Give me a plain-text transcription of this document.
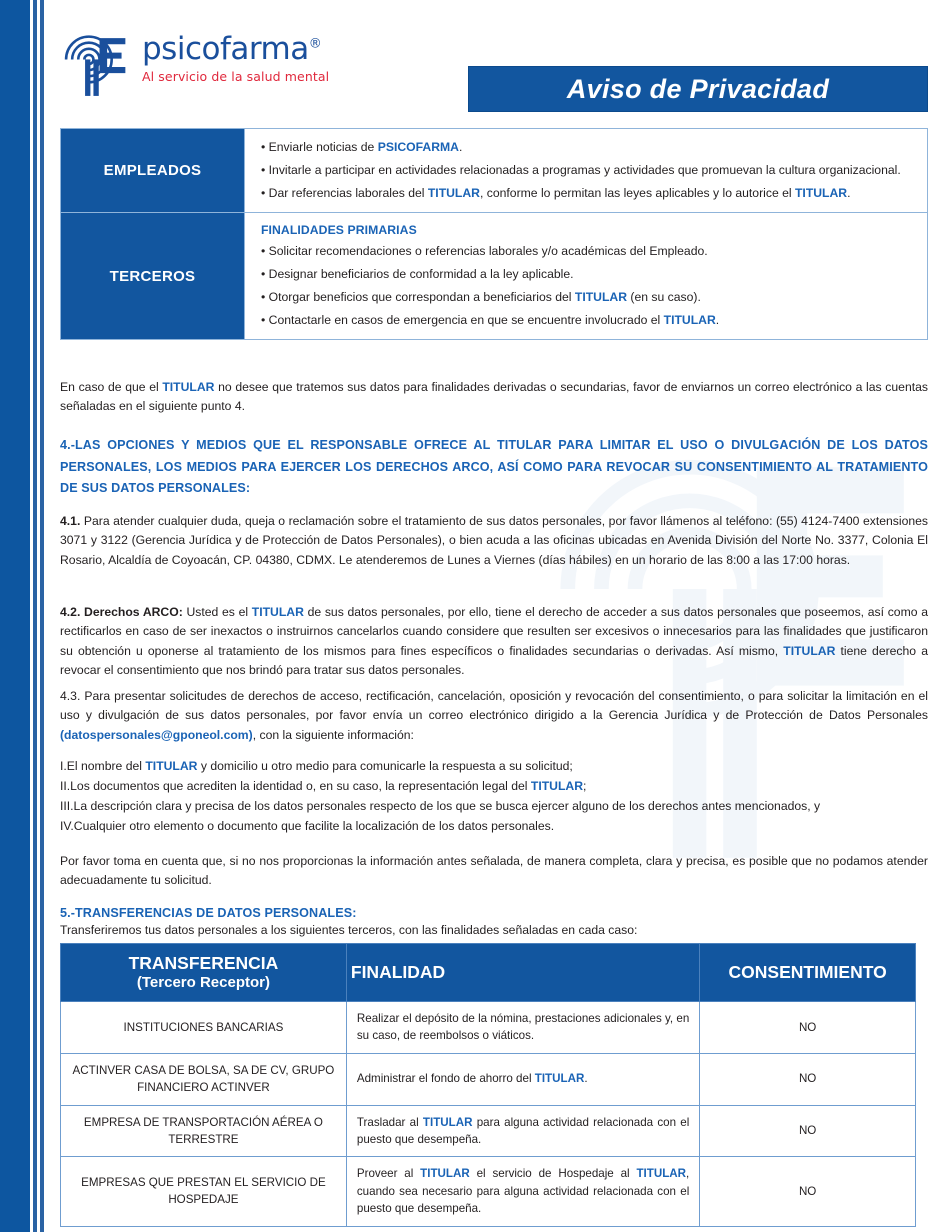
psicofarma®
Al servicio de la salud mental	Aviso de Privacidad
EMPLEADOS	• Enviarle noticias de PSICOFARMA.
• Invitarle a participar en actividades relacionadas a programas y actividades que promuevan la cultura organizacional.
• Dar referencias laborales del TITULAR, conforme lo permitan las leyes aplicables y lo autorice el TITULAR.

TERCEROS	FINALIDADES PRIMARIAS
• Solicitar recomendaciones o referencias laborales y/o académicas del Empleado.
• Designar beneficiarios de conformidad a la ley aplicable.
• Otorgar beneficios que correspondan a beneficiarios del TITULAR (en su caso).
• Contactarle en casos de emergencia en que se encuentre involucrado el TITULAR.
En caso de que el TITULAR no desee que tratemos sus datos para finalidades derivadas o secundarias, favor de enviarnos un correo electrónico a las cuentas señaladas en el siguiente punto 4.
4.-LAS OPCIONES Y MEDIOS QUE EL RESPONSABLE OFRECE AL TITULAR PARA LIMITAR EL USO O DIVULGACIÓN DE LOS DATOS PERSONALES, LOS MEDIOS PARA EJERCER LOS DERECHOS ARCO, ASÍ COMO PARA REVOCAR SU CONSENTIMIENTO AL TRATAMIENTO DE SUS DATOS PERSONALES:
4.1. Para atender cualquier duda, queja o reclamación sobre el tratamiento de sus datos personales, por favor llámenos al teléfono: (55) 4124-7400 extensiones 3071 y 3122 (Gerencia Jurídica y de Protección de Datos Personales), o bien acuda a las oficinas ubicadas en Avenida División del Norte No. 3377, Colonia El Rosario, Alcaldía de Coyoacán, CP. 04380, CDMX. Le atenderemos de Lunes a Viernes (días hábiles) en un horario de las 8:00 a las 17:00 horas.
4.2. Derechos ARCO: Usted es el TITULAR de sus datos personales, por ello, tiene el derecho de acceder a sus datos personales que poseemos, así como a rectificarlos en caso de ser inexactos o instruirnos cancelarlos cuando considere que resulten ser excesivos o innecesarios para las finalidades que justificaron su obtención u oponerse al tratamiento de los mismos para fines específicos o finalidades secundarias o derivadas. Así mismo, TITULAR tiene derecho a revocar el consentimiento que nos brindó para tratar sus datos personales.
4.3. Para presentar solicitudes de derechos de acceso, rectificación, cancelación, oposición y revocación del consentimiento, o para solicitar la limitación en el uso y divulgación de sus datos personales, por favor envía un correo electrónico dirigido a la Gerencia Jurídica y de Protección de Datos Personales (datospersonales@gponeol.com), con la siguiente información:
I.El nombre del TITULAR y domicilio u otro medio para comunicarle la respuesta a su solicitud;
II.Los documentos que acrediten la identidad o, en su caso, la representación legal del TITULAR;
III.La descripción clara y precisa de los datos personales respecto de los que se busca ejercer alguno de los derechos antes mencionados, y
IV.Cualquier otro elemento o documento que facilite la localización de los datos personales.
Por favor toma en cuenta que, si no nos proporcionas la información antes señalada, de manera completa, clara y precisa, es posible que no podamos atender adecuadamente tu solicitud.
5.-TRANSFERENCIAS DE DATOS PERSONALES:
Transferiremos tus datos personales a los siguientes terceros, con las finalidades señaladas en cada caso:
TRANSFERENCIA
(Tercero Receptor)	FINALIDAD	CONSENTIMIENTO
INSTITUCIONES BANCARIAS	Realizar el depósito de la nómina, prestaciones adicionales y, en su caso, de reembolsos o viáticos.	NO
ACTINVER CASA DE BOLSA, SA DE CV, GRUPO FINANCIERO ACTINVER	Administrar el fondo de ahorro del TITULAR.	NO
EMPRESA DE TRANSPORTACIÓN AÉREA O TERRESTRE	Trasladar al TITULAR para alguna actividad relacionada con el puesto que desempeña.	NO
EMPRESAS QUE PRESTAN EL SERVICIO DE HOSPEDAJE	Proveer al TITULAR el servicio de Hospedaje al TITULAR, cuando sea necesario para alguna actividad relacionada con el puesto que desempeña.	NO
